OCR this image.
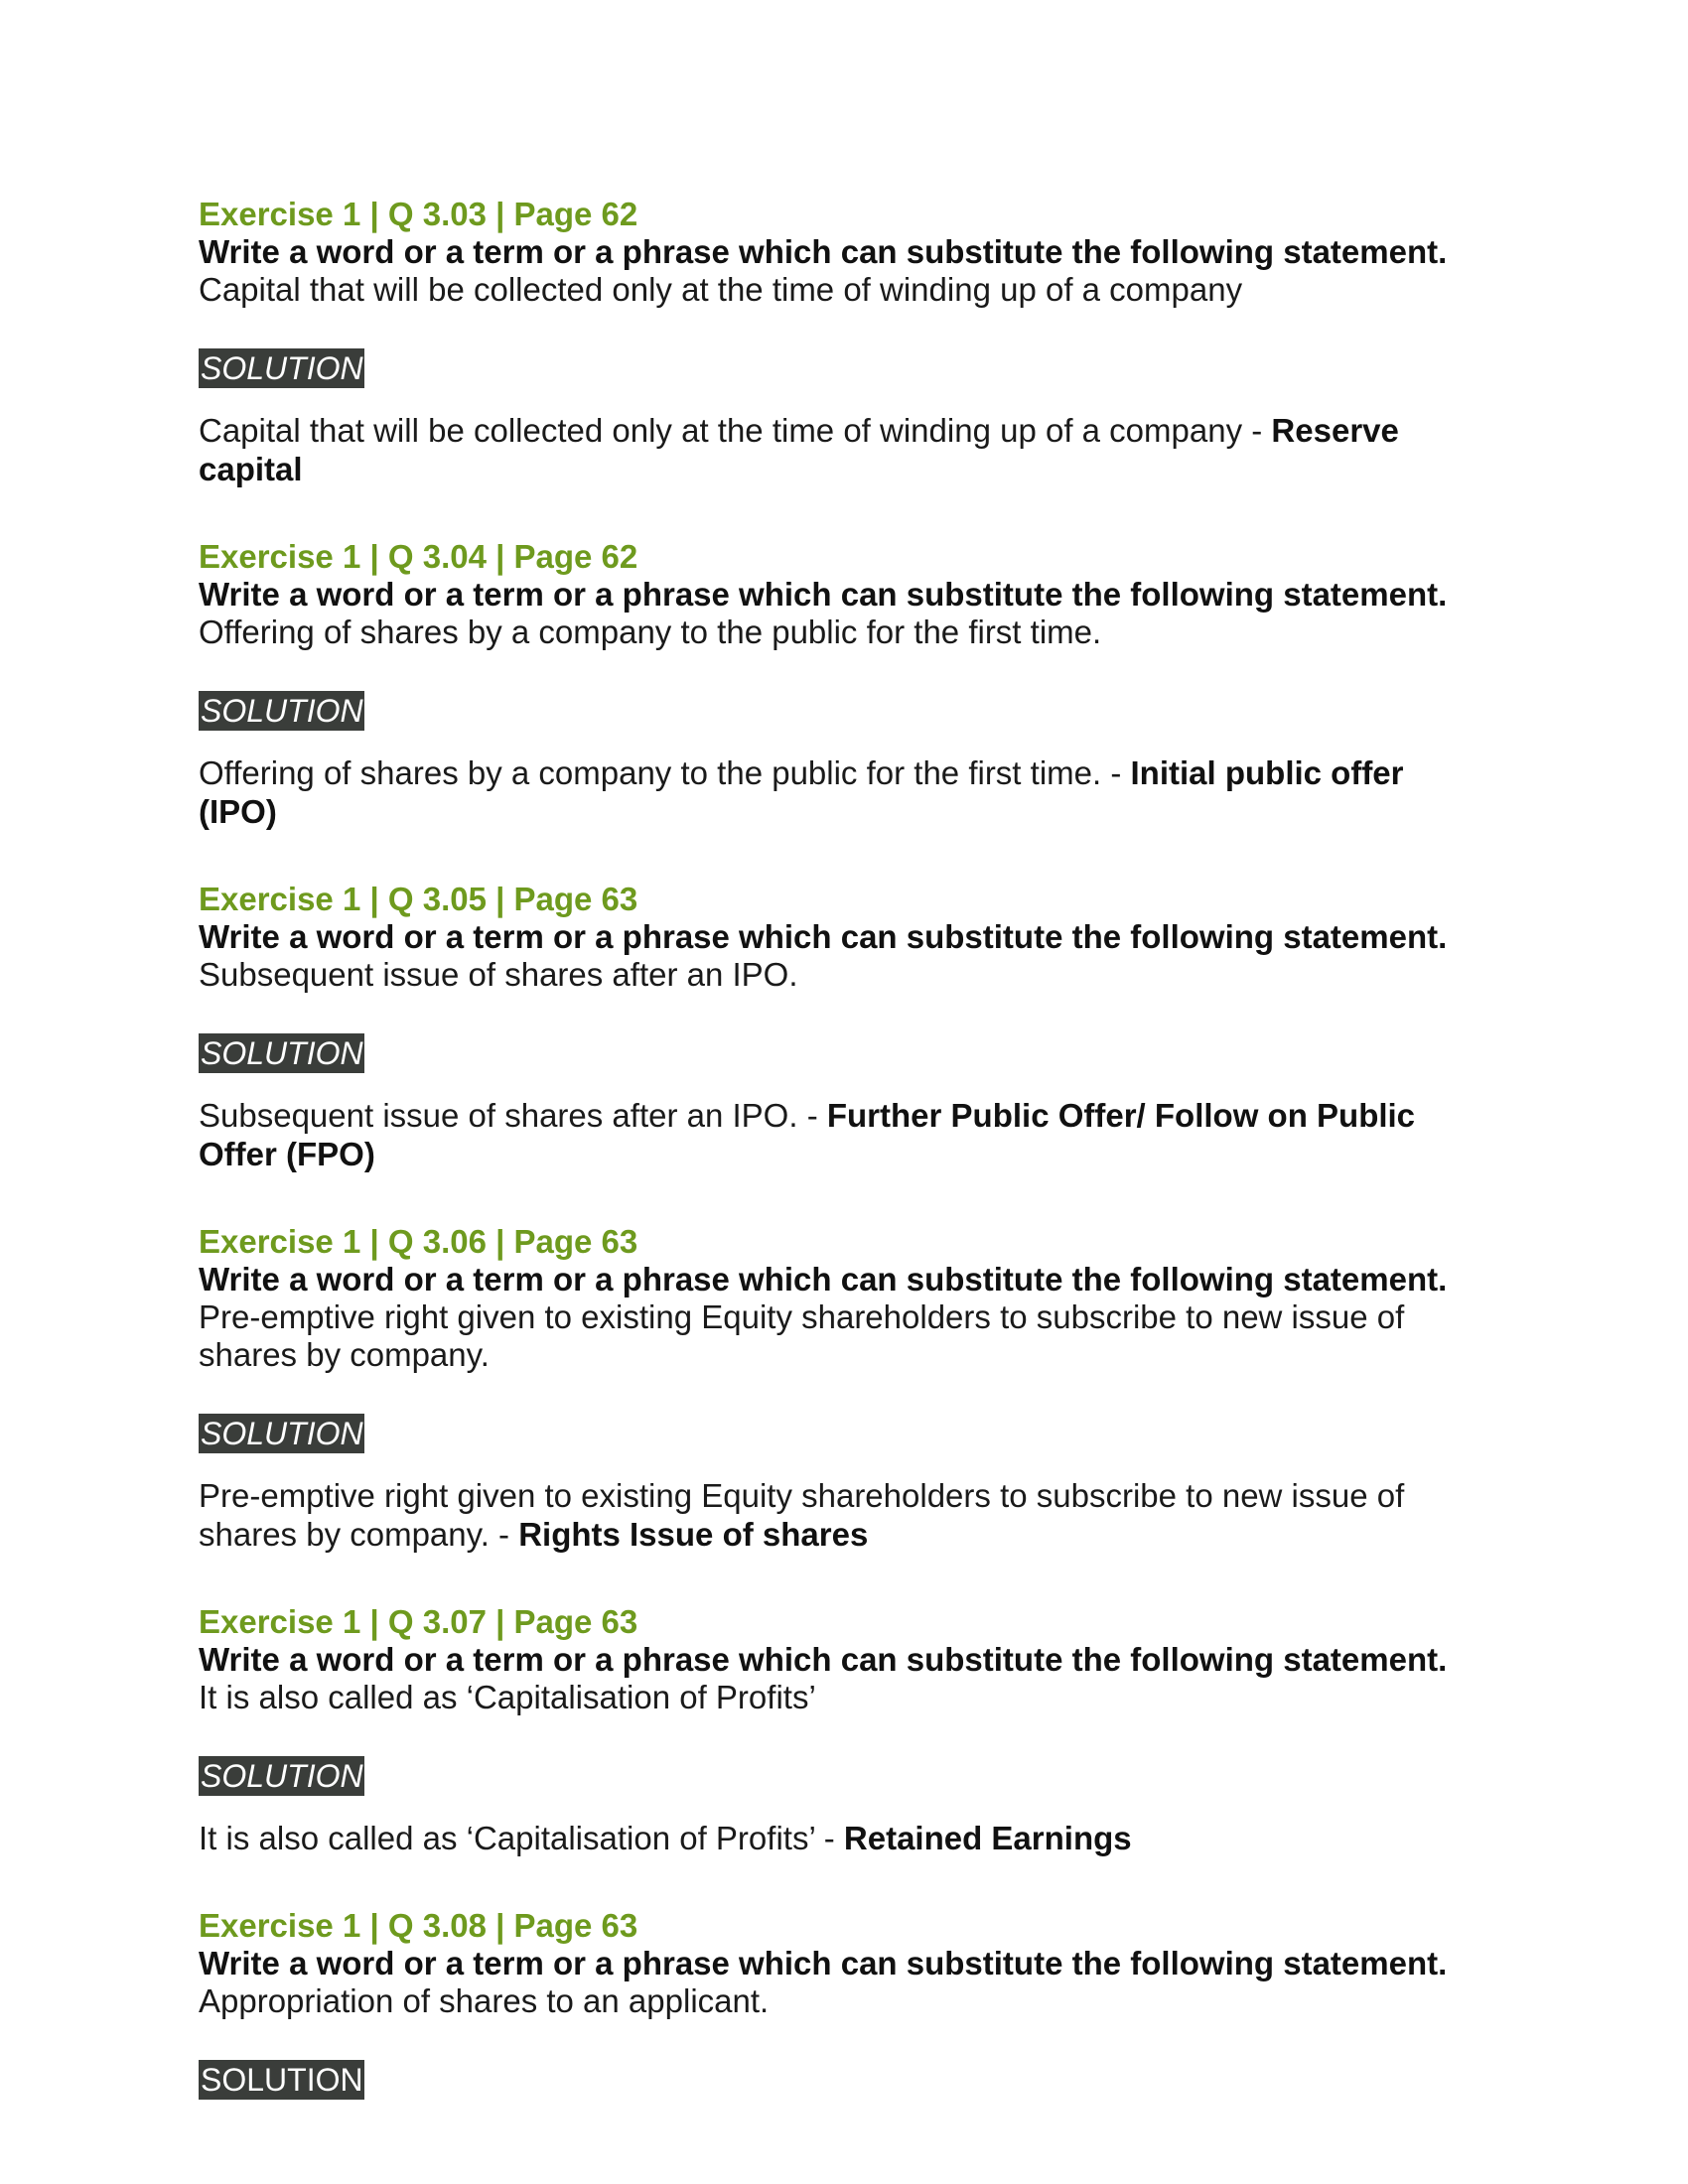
Exercise 1 | Q 3.03 | Page 62

Write a word or a term or a phrase which can substitute the following statement.

Capital that will be collected only at the time of winding up of a company

SOLUTION

Capital that will be collected only at the time of winding up of a company - Reserve capital

Exercise 1 | Q 3.04 | Page 62

Write a word or a term or a phrase which can substitute the following statement.

Offering of shares by a company to the public for the first time.

SOLUTION

Offering of shares by a company to the public for the first time. - Initial public offer (IPO)

Exercise 1 | Q 3.05 | Page 63

Write a word or a term or a phrase which can substitute the following statement.

Subsequent issue of shares after an IPO.

SOLUTION

Subsequent issue of shares after an IPO. - Further Public Offer/ Follow on Public Offer (FPO)

Exercise 1 | Q 3.06 | Page 63

Write a word or a term or a phrase which can substitute the following statement.

Pre-emptive right given to existing Equity shareholders to subscribe to new issue of shares by company.

SOLUTION

Pre-emptive right given to existing Equity shareholders to subscribe to new issue of shares by company. - Rights Issue of shares

Exercise 1 | Q 3.07 | Page 63

Write a word or a term or a phrase which can substitute the following statement.

It is also called as ‘Capitalisation of Profits’

SOLUTION

It is also called as ‘Capitalisation of Profits’ - Retained Earnings

Exercise 1 | Q 3.08 | Page 63

Write a word or a term or a phrase which can substitute the following statement.

Appropriation of shares to an applicant.

SOLUTION
